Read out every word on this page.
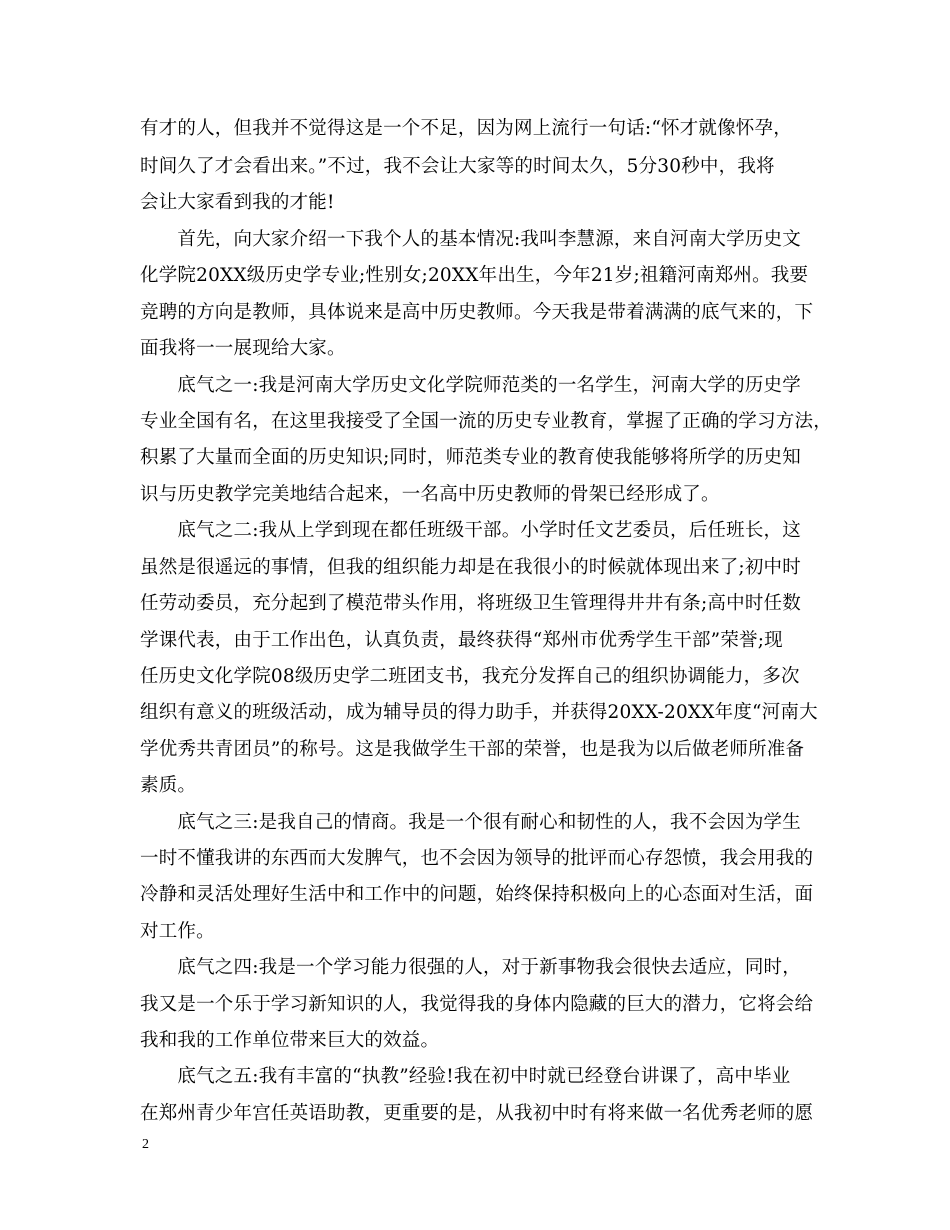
有才的人，但我并不觉得这是一个不足，因为网上流行一句话:“怀才就像怀孕，
时间久了才会看出来。”不过，我不会让大家等的时间太久，5分30秒中，我将
会让大家看到我的才能!
　　首先，向大家介绍一下我个人的基本情况:我叫李慧源，来自河南大学历史文
化学院20XX级历史学专业;性别女;20XX年出生，今年21岁;祖籍河南郑州。我要
竞聘的方向是教师，具体说来是高中历史教师。今天我是带着满满的底气来的，下
面我将一一展现给大家。
　　底气之一:我是河南大学历史文化学院师范类的一名学生，河南大学的历史学
专业全国有名，在这里我接受了全国一流的历史专业教育，掌握了正确的学习方法，
积累了大量而全面的历史知识;同时，师范类专业的教育使我能够将所学的历史知
识与历史教学完美地结合起来，一名高中历史教师的骨架已经形成了。
　　底气之二:我从上学到现在都任班级干部。小学时任文艺委员，后任班长，这
虽然是很遥远的事情，但我的组织能力却是在我很小的时候就体现出来了;初中时
任劳动委员，充分起到了模范带头作用，将班级卫生管理得井井有条;高中时任数
学课代表，由于工作出色，认真负责，最终获得“郑州市优秀学生干部”荣誉;现
任历史文化学院08级历史学二班团支书，我充分发挥自己的组织协调能力，多次
组织有意义的班级活动，成为辅导员的得力助手，并获得20XX-20XX年度“河南大
学优秀共青团员”的称号。这是我做学生干部的荣誉，也是我为以后做老师所准备
素质。
　　底气之三:是我自己的情商。我是一个很有耐心和韧性的人，我不会因为学生
一时不懂我讲的东西而大发脾气，也不会因为领导的批评而心存怨愤，我会用我的
冷静和灵活处理好生活中和工作中的问题，始终保持积极向上的心态面对生活，面
对工作。
　　底气之四:我是一个学习能力很强的人，对于新事物我会很快去适应，同时，
我又是一个乐于学习新知识的人，我觉得我的身体内隐藏的巨大的潜力，它将会给
我和我的工作单位带来巨大的效益。
　　底气之五:我有丰富的“执教”经验!我在初中时就已经登台讲课了，高中毕业
在郑州青少年宫任英语助教，更重要的是，从我初中时有将来做一名优秀老师的愿
2
